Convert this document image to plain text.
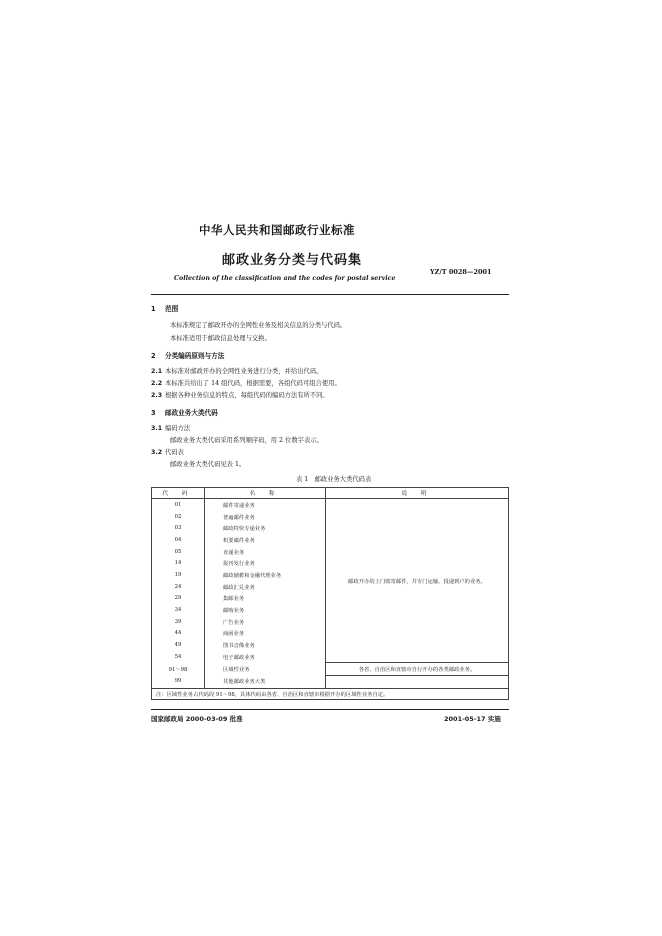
中华人民共和国邮政行业标准
邮政业务分类与代码集
Collection of the classification and the codes for postal service
YZ/T 0028—2001
1 范围
本标准规定了邮政开办的全网性业务及相关信息的分类与代码。
本标准适用于邮政信息处理与交换。
2 分类编码原则与方法
2.1 本标准对邮政开办的全网性业务进行分类，并给出代码。
2.2 本标准共给出了 14 组代码，根据需要，各组代码可组合使用。
2.3 根据各种业务信息的特点，每组代码的编码方法有所不同。
3 邮政业务大类代码
3.1 编码方法
邮政业务大类代码采用系列顺序码，用 2 位数字表示。
3.2 代码表
邮政业务大类代码见表 1。
表 1　邮政业务大类代码表
代 码	名 称	说 明
01	邮件寄递业务	邮政开办的上门收寄邮件，并专门运输、投递到户的业务。
02	普遍邮件业务	
03	邮政特快专递业务	
04	机要邮件业务	
05	直递业务	
14	报刊发行业务	
19	邮政储蓄和金融代理业务	
24	邮政汇兑业务	
29	集邮业务	
34	邮购业务	
39	广告业务	
44	商函业务	
49	图书音像业务	
54	电子邮政业务	
91～98	区域性业务	各省、自治区和直辖市自行开办的各类邮政业务。
99	其他邮政业务大类	
注：区域性业务占代码段 91～98，具体代码由各省、自治区和直辖市根据开办的区域性业务自定。		
国家邮政局 2000-03-09 批准	2001-05-17 实施
